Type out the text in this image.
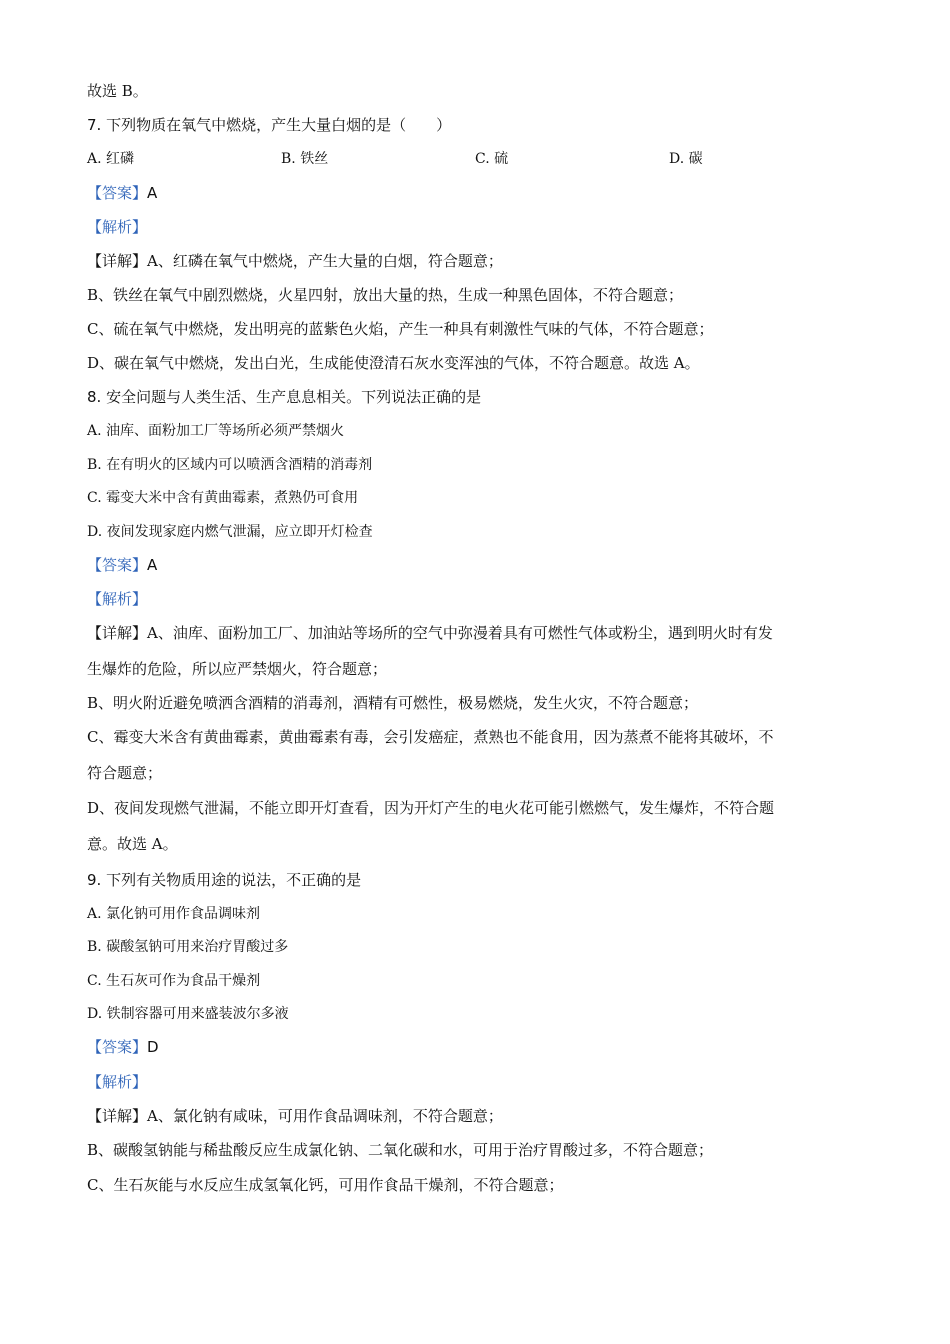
故选 B。
7. 下列物质在氧气中燃烧，产生大量白烟的是（　　）
A. 红磷	B. 铁丝	C. 硫	D. 碳
【答案】A
【解析】
【详解】A、红磷在氧气中燃烧，产生大量的白烟，符合题意；
B、铁丝在氧气中剧烈燃烧，火星四射，放出大量的热，生成一种黑色固体，不符合题意；
C、硫在氧气中燃烧，发出明亮的蓝紫色火焰，产生一种具有刺激性气味的气体，不符合题意；
D、碳在氧气中燃烧，发出白光，生成能使澄清石灰水变浑浊的气体，不符合题意。故选 A。
8. 安全问题与人类生活、生产息息相关。下列说法正确的是
A. 油库、面粉加工厂等场所必须严禁烟火
B. 在有明火的区域内可以喷洒含酒精的消毒剂
C. 霉变大米中含有黄曲霉素，煮熟仍可食用
D. 夜间发现家庭内燃气泄漏，应立即开灯检查
【答案】A
【解析】
【详解】A、油库、面粉加工厂、加油站等场所的空气中弥漫着具有可燃性气体或粉尘，遇到明火时有发
生爆炸的危险，所以应严禁烟火，符合题意；
B、明火附近避免喷洒含酒精的消毒剂，酒精有可燃性，极易燃烧，发生火灾，不符合题意；
C、霉变大米含有黄曲霉素，黄曲霉素有毒，会引发癌症，煮熟也不能食用，因为蒸煮不能将其破坏，不
符合题意；
D、夜间发现燃气泄漏，不能立即开灯查看，因为开灯产生的电火花可能引燃燃气，发生爆炸，不符合题
意。故选 A。
9. 下列有关物质用途的说法，不正确的是
A. 氯化钠可用作食品调味剂
B. 碳酸氢钠可用来治疗胃酸过多
C. 生石灰可作为食品干燥剂
D. 铁制容器可用来盛装波尔多液
【答案】D
【解析】
【详解】A、氯化钠有咸味，可用作食品调味剂，不符合题意；
B、碳酸氢钠能与稀盐酸反应生成氯化钠、二氧化碳和水，可用于治疗胃酸过多，不符合题意；
C、生石灰能与水反应生成氢氧化钙，可用作食品干燥剂，不符合题意；
